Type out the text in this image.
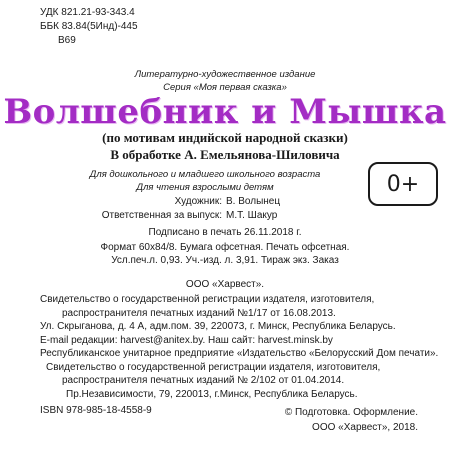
УДК 821.21-93-343.4
ББК 83.84(5Инд)-445
В69
Литературно-художественное издание
Серия «Моя первая сказка»
Волшебник и Мышка
(по мотивам индийской народной сказки)
В обработке А. Емельянова-Шиловича
Для дошкольного и младшего школьного возраста
Для чтения взрослыми детям	0+
Художник: В. Волынец
Ответственная за выпуск: М.Т. Шакур
Подписано в печать 26.11.2018 г.
Формат 60х84/8. Бумага офсетная. Печать офсетная.
Усл.печ.л. 0,93. Уч.-изд. л. 3,91. Тираж экз. Заказ
ООО «Харвест».
Свидетельство о государственной регистрации издателя, изготовителя,
распространителя печатных изданий №1/17 от 16.08.2013.
Ул. Скрыганова, д. 4 А, адм.пом. 39, 220073, г. Минск, Республика Беларусь.
E-mail редакции: harvest@anitex.by. Наш сайт: harvest.minsk.by
Республиканское унитарное предприятие «Издательство «Белорусский Дом печати».
Свидетельство о государственной регистрации издателя, изготовителя,
распространителя печатных изданий № 2/102 от 01.04.2014.
Пр.Независимости, 79, 220013, г.Минск, Республика Беларусь.
ISBN 978-985-18-4558-9	© Подготовка. Оформление.
ООО «Харвест», 2018.
